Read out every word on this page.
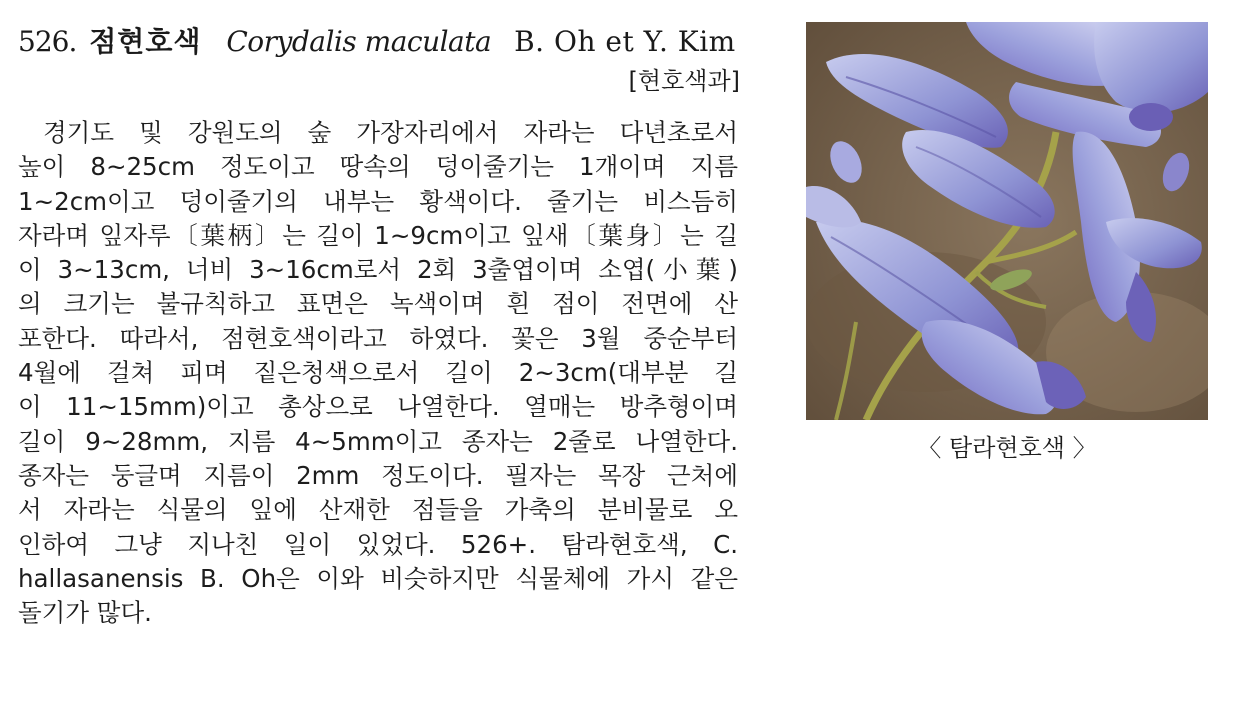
526. 점현호색 Corydalis maculata B. Oh et Y. Kim
[현호색과]
경기도 및 강원도의 숲 가장자리에서 자라는 다년초로서
높이 8~25cm 정도이고 땅속의 덩이줄기는 1개이며 지름
1~2cm이고 덩이줄기의 내부는 황색이다. 줄기는 비스듬히
자라며 잎자루〔葉柄〕는 길이 1~9cm이고 잎새〔葉身〕는 길
이 3~13cm, 너비 3~16cm로서 2회 3출엽이며 소엽(小葉)
의 크기는 불규칙하고 표면은 녹색이며 흰 점이 전면에 산
포한다. 따라서, 점현호색이라고 하였다. 꽃은 3월 중순부터
4월에 걸쳐 피며 짙은청색으로서 길이 2~3cm(대부분 길
이 11~15mm)이고 총상으로 나열한다. 열매는 방추형이며
길이 9~28mm, 지름 4~5mm이고 종자는 2줄로 나열한다.
종자는 둥글며 지름이 2mm 정도이다. 필자는 목장 근처에
서 자라는 식물의 잎에 산재한 점들을 가축의 분비물로 오
인하여 그냥 지나친 일이 있었다. 526+. 탐라현호색, C.
hallasanensis B. Oh은 이와 비슷하지만 식물체에 가시 같은
돌기가 많다.
〈 탐라현호색 〉
